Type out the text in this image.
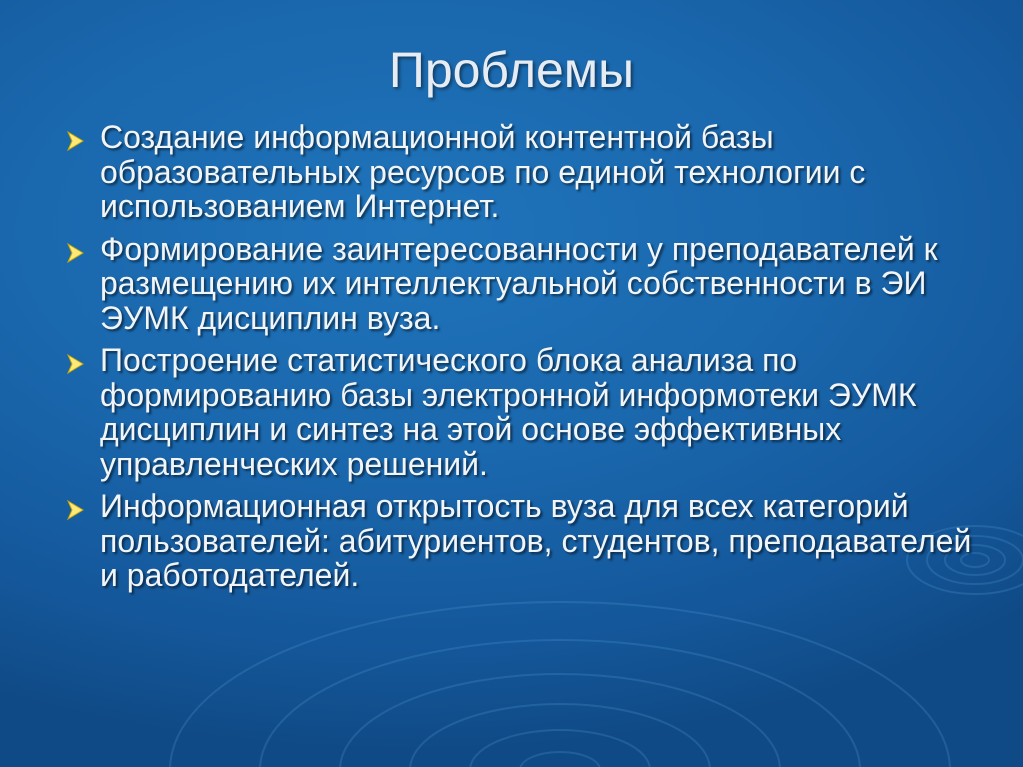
Проблемы
Создание информационной контентной базы образовательных ресурсов по единой технологии с использованием Интернет.
Формирование заинтересованности у преподавателей к размещению их интеллектуальной собственности в ЭИ ЭУМК дисциплин вуза.
Построение статистического блока анализа по формированию базы электронной информотеки ЭУМК дисциплин и синтез на этой основе эффективных управленческих решений.
Информационная открытость вуза для всех категорий пользователей: абитуриентов, студентов, преподавателей и работодателей.
